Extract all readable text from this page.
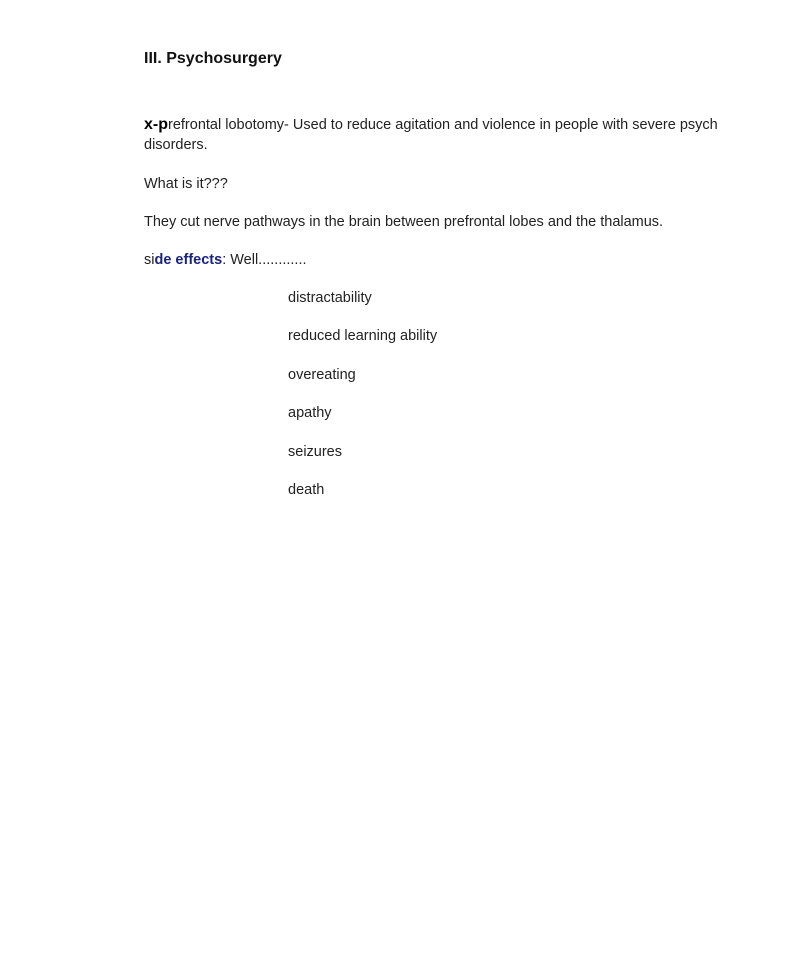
III. Psychosurgery

x-prefrontal lobotomy- Used to reduce agitation and violence in people with severe psych disorders.

What is it???

They cut nerve pathways in the brain between prefrontal lobes and the thalamus.

side effects: Well............

distractability
reduced learning ability
overeating
apathy
seizures
death
